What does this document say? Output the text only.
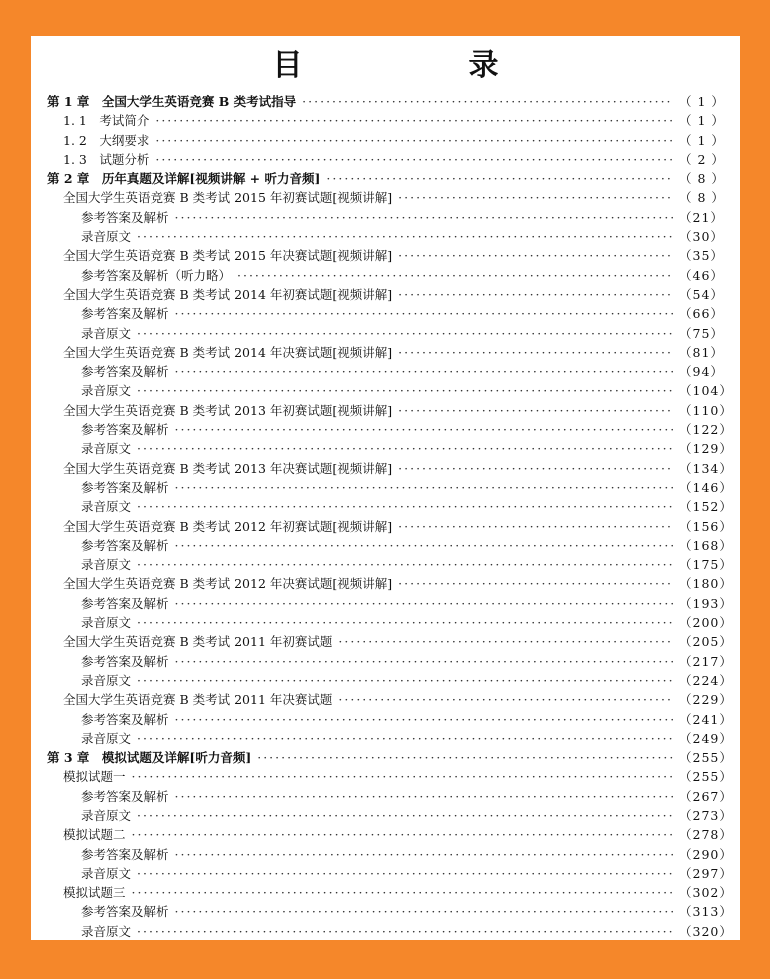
目　录
第 1 章　全国大学生英语竞赛 B 类考试指导 ·····	（ 1 ）
1. 1　考试简介 ·····	（ 1 ）
1. 2　大纲要求 ·····	（ 1 ）
1. 3　试题分析 ·····	（ 2 ）
第 2 章　历年真题及详解[视频讲解 + 听力音频] ·····	（ 8 ）
全国大学生英语竞赛 B 类考试 2015 年初赛试题[视频讲解] ·····	（ 8 ）
参考答案及解析 ·····	（21）
录音原文 ·····	（30）
全国大学生英语竞赛 B 类考试 2015 年决赛试题[视频讲解] ·····	（35）
参考答案及解析（听力略） ·····	（46）
全国大学生英语竞赛 B 类考试 2014 年初赛试题[视频讲解] ·····	（54）
参考答案及解析 ·····	（66）
录音原文 ·····	（75）
全国大学生英语竞赛 B 类考试 2014 年决赛试题[视频讲解] ·····	（81）
参考答案及解析 ·····	（94）
录音原文 ·····	（104）
全国大学生英语竞赛 B 类考试 2013 年初赛试题[视频讲解] ·····	（110）
参考答案及解析 ·····	（122）
录音原文 ·····	（129）
全国大学生英语竞赛 B 类考试 2013 年决赛试题[视频讲解] ·····	（134）
参考答案及解析 ·····	（146）
录音原文 ·····	（152）
全国大学生英语竞赛 B 类考试 2012 年初赛试题[视频讲解] ·····	（156）
参考答案及解析 ·····	（168）
录音原文 ·····	（175）
全国大学生英语竞赛 B 类考试 2012 年决赛试题[视频讲解] ·····	（180）
参考答案及解析 ·····	（193）
录音原文 ·····	（200）
全国大学生英语竞赛 B 类考试 2011 年初赛试题 ·····	（205）
参考答案及解析 ·····	（217）
录音原文 ·····	（224）
全国大学生英语竞赛 B 类考试 2011 年决赛试题 ·····	（229）
参考答案及解析 ·····	（241）
录音原文 ·····	（249）
第 3 章　模拟试题及详解[听力音频] ·····	（255）
模拟试题一 ·····	（255）
参考答案及解析 ·····	（267）
录音原文 ·····	（273）
模拟试题二 ·····	（278）
参考答案及解析 ·····	（290）
录音原文 ·····	（297）
模拟试题三 ·····	（302）
参考答案及解析 ·····	（313）
录音原文 ·····	（320）
